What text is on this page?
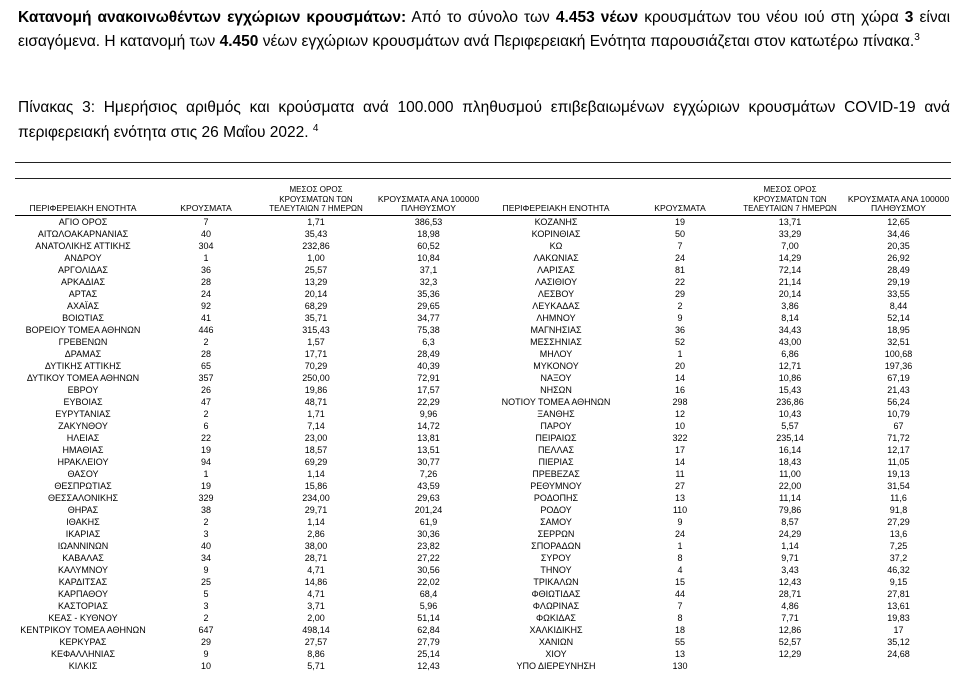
Κατανομή ανακοινωθέντων εγχώριων κρουσμάτων: Από το σύνολο των 4.453 νέων κρουσμάτων του νέου ιού στη χώρα 3 είναι εισαγόμενα. Η κατανομή των 4.450 νέων εγχώριων κρουσμάτων ανά Περιφερειακή Ενότητα παρουσιάζεται στον κατωτέρω πίνακα.$^3$

Πίνακας 3: Ημερήσιος αριθμός και κρούσματα ανά 100.000 πληθυσμού επιβεβαιωμένων εγχώριων κρουσμάτων COVID-19 ανά περιφερειακή ενότητα στις 26 Μαΐου 2022. $^4$
ΠΕΡΙΦΕΡΕΙΑΚΗ ΕΝΟΤΗΤΑ	ΚΡΟΥΣΜΑΤΑ	ΜΕΣΟΣ ΟΡΟΣ ΚΡΟΥΣΜΑΤΩΝ ΤΩΝ ΤΕΛΕΥΤΑΙΩΝ 7 ΗΜΕΡΩΝ	ΚΡΟΥΣΜΑΤΑ ΑΝΑ 100000 ΠΛΗΘΥΣΜΟΥ	ΠΕΡΙΦΕΡΕΙΑΚΗ ΕΝΟΤΗΤΑ	ΚΡΟΥΣΜΑΤΑ	ΜΕΣΟΣ ΟΡΟΣ ΚΡΟΥΣΜΑΤΩΝ ΤΩΝ ΤΕΛΕΥΤΑΙΩΝ 7 ΗΜΕΡΩΝ	ΚΡΟΥΣΜΑΤΑ ΑΝΑ 100000 ΠΛΗΘΥΣΜΟΥ
ΑΓΙΟ ΟΡΟΣ	7	1,71	386,53	ΚΟΖΑΝΗΣ	19	13,71	12,65
ΑΙΤΩΛΟΑΚΑΡΝΑΝΙΑΣ	40	35,43	18,98	ΚΟΡΙΝΘΙΑΣ	50	33,29	34,46
ΑΝΑΤΟΛΙΚΗΣ ΑΤΤΙΚΗΣ	304	232,86	60,52	ΚΩ	7	7,00	20,35
ΑΝΔΡΟΥ	1	1,00	10,84	ΛΑΚΩΝΙΑΣ	24	14,29	26,92
ΑΡΓΟΛΙΔΑΣ	36	25,57	37,1	ΛΑΡΙΣΑΣ	81	72,14	28,49
ΑΡΚΑΔΙΑΣ	28	13,29	32,3	ΛΑΣΙΘΙΟΥ	22	21,14	29,19
ΑΡΤΑΣ	24	20,14	35,36	ΛΕΣΒΟΥ	29	20,14	33,55
ΑΧΑΪΑΣ	92	68,29	29,65	ΛΕΥΚΑΔΑΣ	2	3,86	8,44
ΒΟΙΩΤΙΑΣ	41	35,71	34,77	ΛΗΜΝΟΥ	9	8,14	52,14
ΒΟΡΕΙΟΥ ΤΟΜΕΑ ΑΘΗΝΩΝ	446	315,43	75,38	ΜΑΓΝΗΣΙΑΣ	36	34,43	18,95
ΓΡΕΒΕΝΩΝ	2	1,57	6,3	ΜΕΣΣΗΝΙΑΣ	52	43,00	32,51
ΔΡΑΜΑΣ	28	17,71	28,49	ΜΗΛΟΥ	1	6,86	100,68
ΔΥΤΙΚΗΣ ΑΤΤΙΚΗΣ	65	70,29	40,39	ΜΥΚΟΝΟΥ	20	12,71	197,36
ΔΥΤΙΚΟΥ ΤΟΜΕΑ ΑΘΗΝΩΝ	357	250,00	72,91	ΝΑΞΟΥ	14	10,86	67,19
ΕΒΡΟΥ	26	19,86	17,57	ΝΗΣΩΝ	16	15,43	21,43
ΕΥΒΟΙΑΣ	47	48,71	22,29	ΝΟΤΙΟΥ ΤΟΜΕΑ ΑΘΗΝΩΝ	298	236,86	56,24
ΕΥΡΥΤΑΝΙΑΣ	2	1,71	9,96	ΞΑΝΘΗΣ	12	10,43	10,79
ΖΑΚΥΝΘΟΥ	6	7,14	14,72	ΠΑΡΟΥ	10	5,57	67
ΗΛΕΙΑΣ	22	23,00	13,81	ΠΕΙΡΑΙΩΣ	322	235,14	71,72
ΗΜΑΘΙΑΣ	19	18,57	13,51	ΠΕΛΛΑΣ	17	16,14	12,17
ΗΡΑΚΛΕΙΟΥ	94	69,29	30,77	ΠΙΕΡΙΑΣ	14	18,43	11,05
ΘΑΣΟΥ	1	1,14	7,26	ΠΡΕΒΕΖΑΣ	11	11,00	19,13
ΘΕΣΠΡΩΤΙΑΣ	19	15,86	43,59	ΡΕΘΥΜΝΟΥ	27	22,00	31,54
ΘΕΣΣΑΛΟΝΙΚΗΣ	329	234,00	29,63	ΡΟΔΟΠΗΣ	13	11,14	11,6
ΘΗΡΑΣ	38	29,71	201,24	ΡΟΔΟΥ	110	79,86	91,8
ΙΘΑΚΗΣ	2	1,14	61,9	ΣΑΜΟΥ	9	8,57	27,29
ΙΚΑΡΙΑΣ	3	2,86	30,36	ΣΕΡΡΩΝ	24	24,29	13,6
ΙΩΑΝΝΙΝΩΝ	40	38,00	23,82	ΣΠΟΡΑΔΩΝ	1	1,14	7,25
ΚΑΒΑΛΑΣ	34	28,71	27,22	ΣΥΡΟΥ	8	9,71	37,2
ΚΑΛΥΜΝΟΥ	9	4,71	30,56	ΤΗΝΟΥ	4	3,43	46,32
ΚΑΡΔΙΤΣΑΣ	25	14,86	22,02	ΤΡΙΚΑΛΩΝ	15	12,43	9,15
ΚΑΡΠΑΘΟΥ	5	4,71	68,4	ΦΘΙΩΤΙΔΑΣ	44	28,71	27,81
ΚΑΣΤΟΡΙΑΣ	3	3,71	5,96	ΦΛΩΡΙΝΑΣ	7	4,86	13,61
ΚΕΑΣ - ΚΥΘΝΟΥ	2	2,00	51,14	ΦΩΚΙΔΑΣ	8	7,71	19,83
ΚΕΝΤΡΙΚΟΥ ΤΟΜΕΑ ΑΘΗΝΩΝ	647	498,14	62,84	ΧΑΛΚΙΔΙΚΗΣ	18	12,86	17
ΚΕΡΚΥΡΑΣ	29	27,57	27,79	ΧΑΝΙΩΝ	55	52,57	35,12
ΚΕΦΑΛΛΗΝΙΑΣ	9	8,86	25,14	ΧΙΟΥ	13	12,29	24,68
ΚΙΛΚΙΣ	10	5,71	12,43	ΥΠΟ ΔΙΕΡΕΥΝΗΣΗ	130		
